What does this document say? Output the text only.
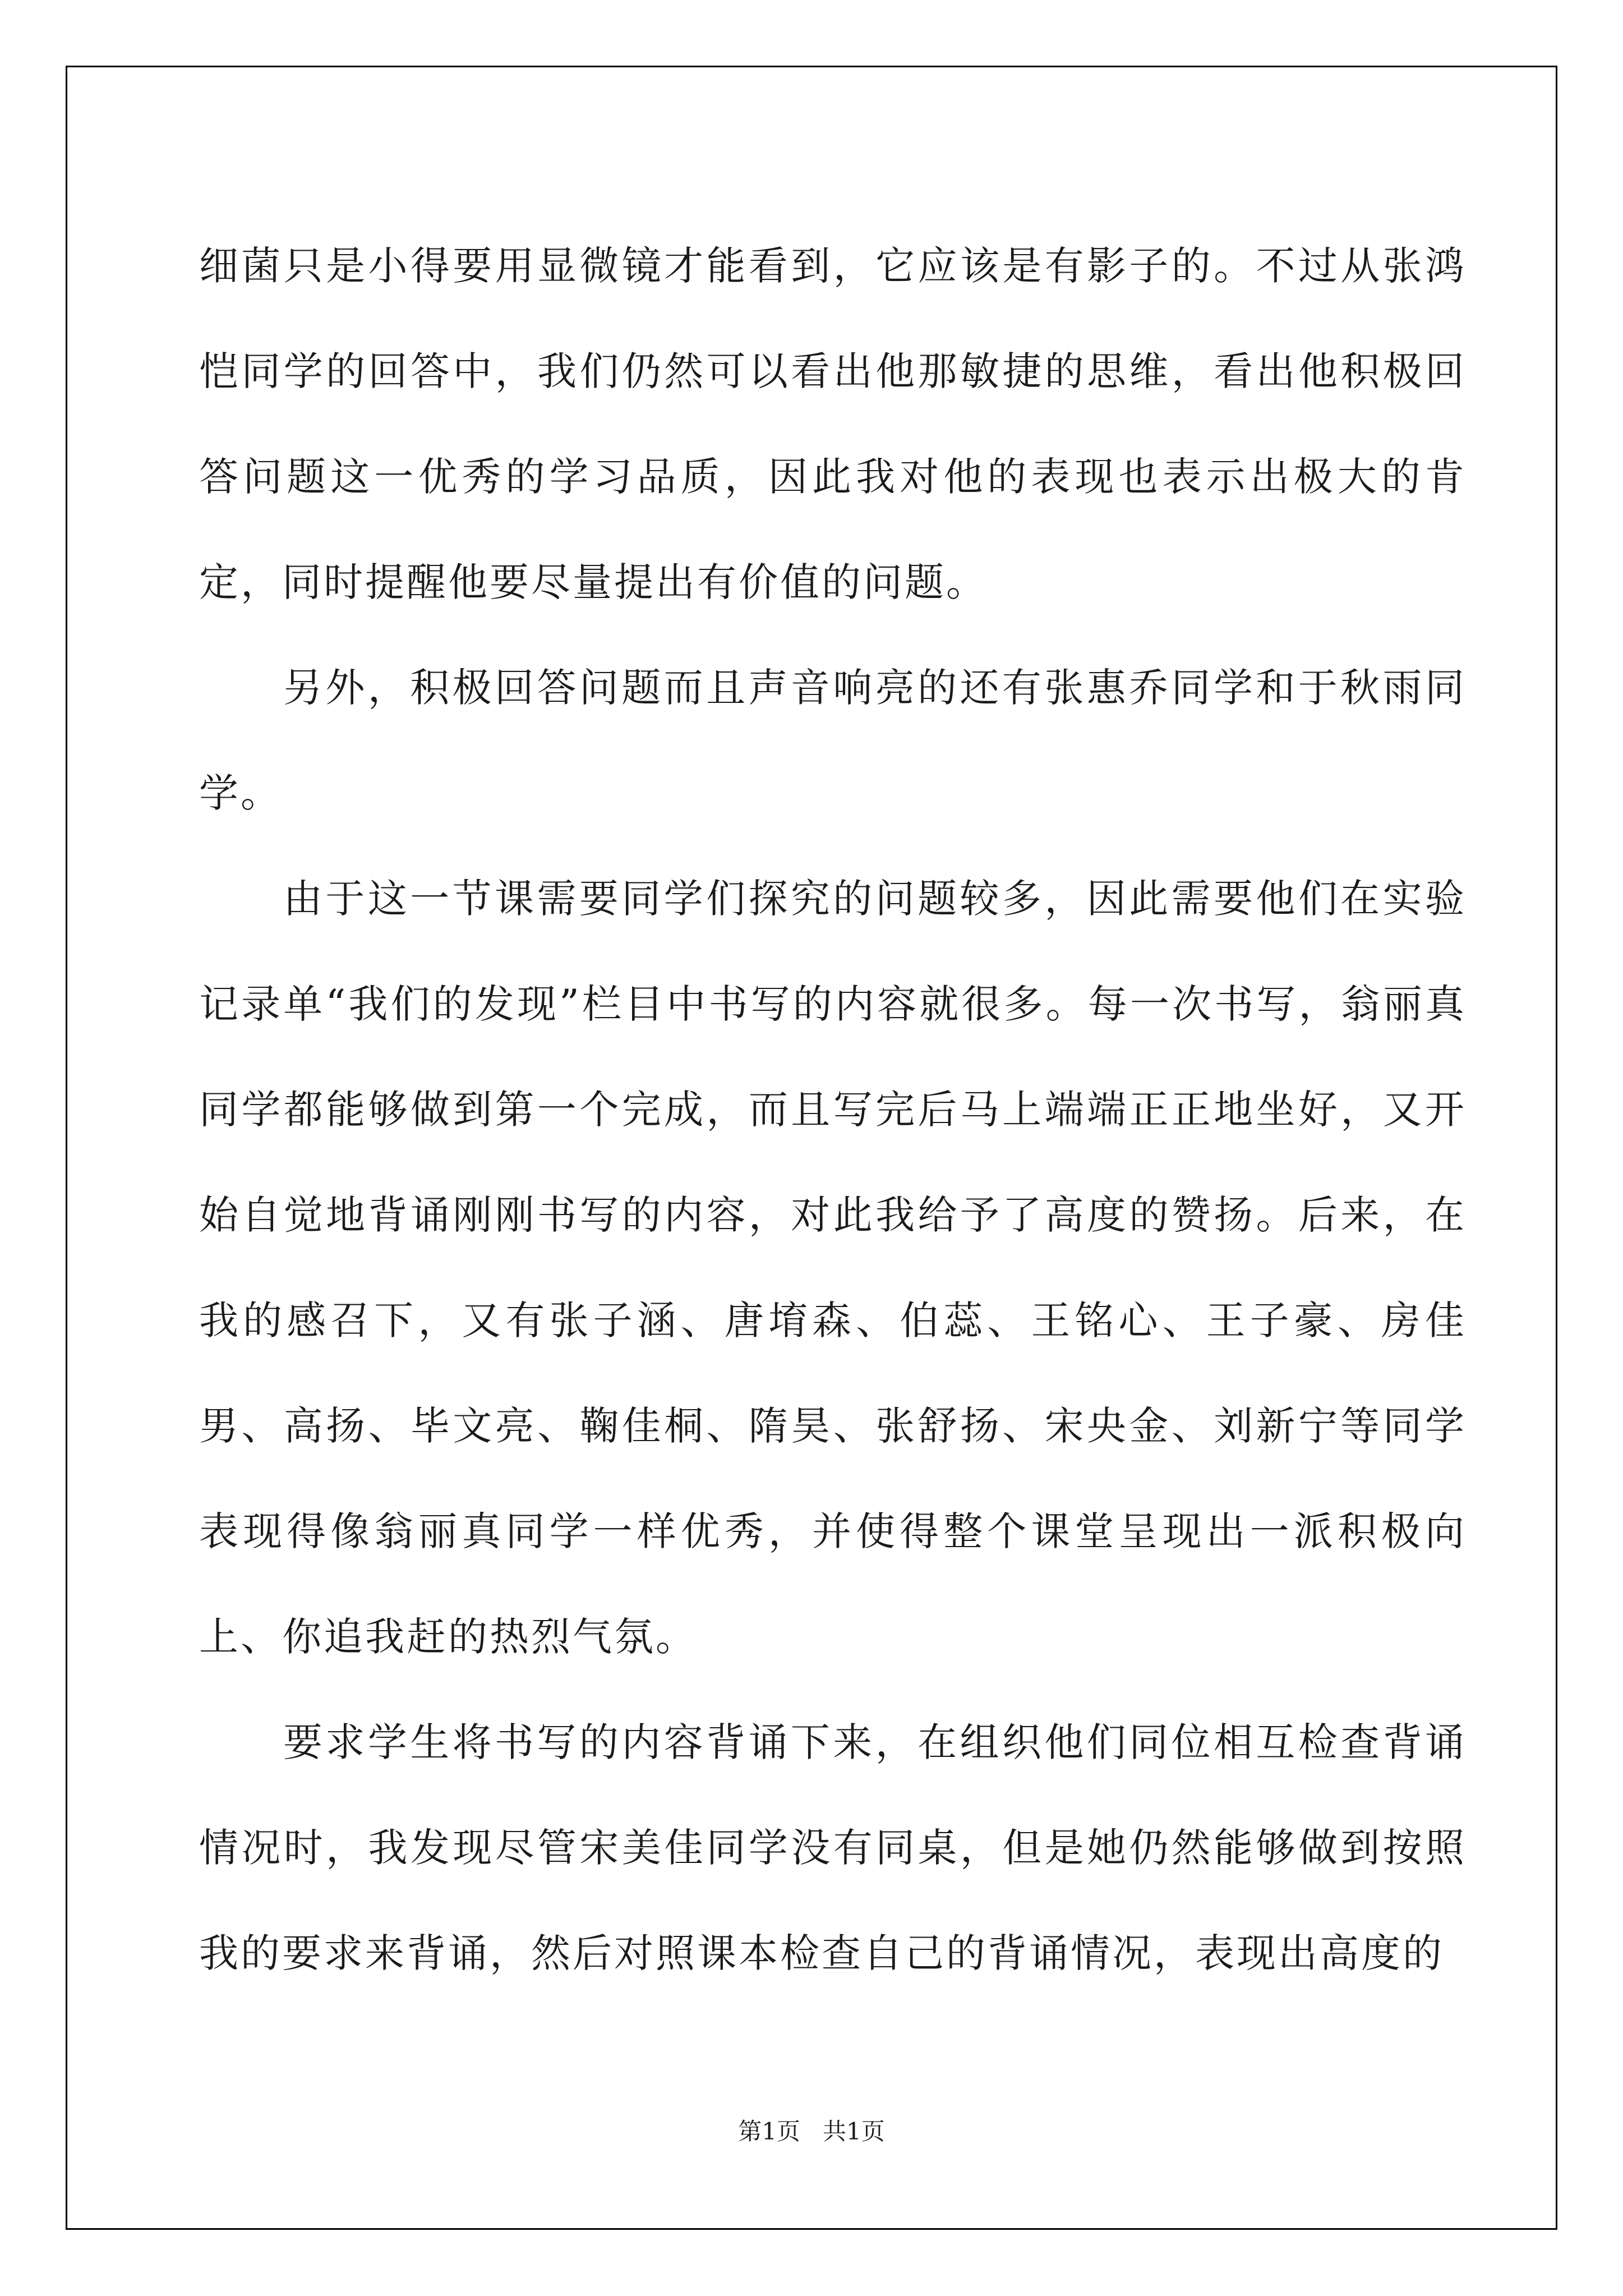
细菌只是小得要用显微镜才能看到，它应该是有影子的。不过从张鸿恺同学的回答中，我们仍然可以看出他那敏捷的思维，看出他积极回答问题这一优秀的学习品质，因此我对他的表现也表示出极大的肯定，同时提醒他要尽量提出有价值的问题。

另外，积极回答问题而且声音响亮的还有张惠乔同学和于秋雨同学。

由于这一节课需要同学们探究的问题较多，因此需要他们在实验记录单“我们的发现”栏目中书写的内容就很多。每一次书写，翁丽真同学都能够做到第一个完成，而且写完后马上端端正正地坐好，又开始自觉地背诵刚刚书写的内容，对此我给予了高度的赞扬。后来，在我的感召下，又有张子涵、唐堉森、伯蕊、王铭心、王子豪、房佳男、高扬、毕文亮、鞠佳桐、隋昊、张舒扬、宋央金、刘新宁等同学表现得像翁丽真同学一样优秀，并使得整个课堂呈现出一派积极向上、你追我赶的热烈气氛。

要求学生将书写的内容背诵下来，在组织他们同位相互检查背诵情况时，我发现尽管宋美佳同学没有同桌，但是她仍然能够做到按照我的要求来背诵，然后对照课本检查自己的背诵情况，表现出高度的

第1页   共1页
